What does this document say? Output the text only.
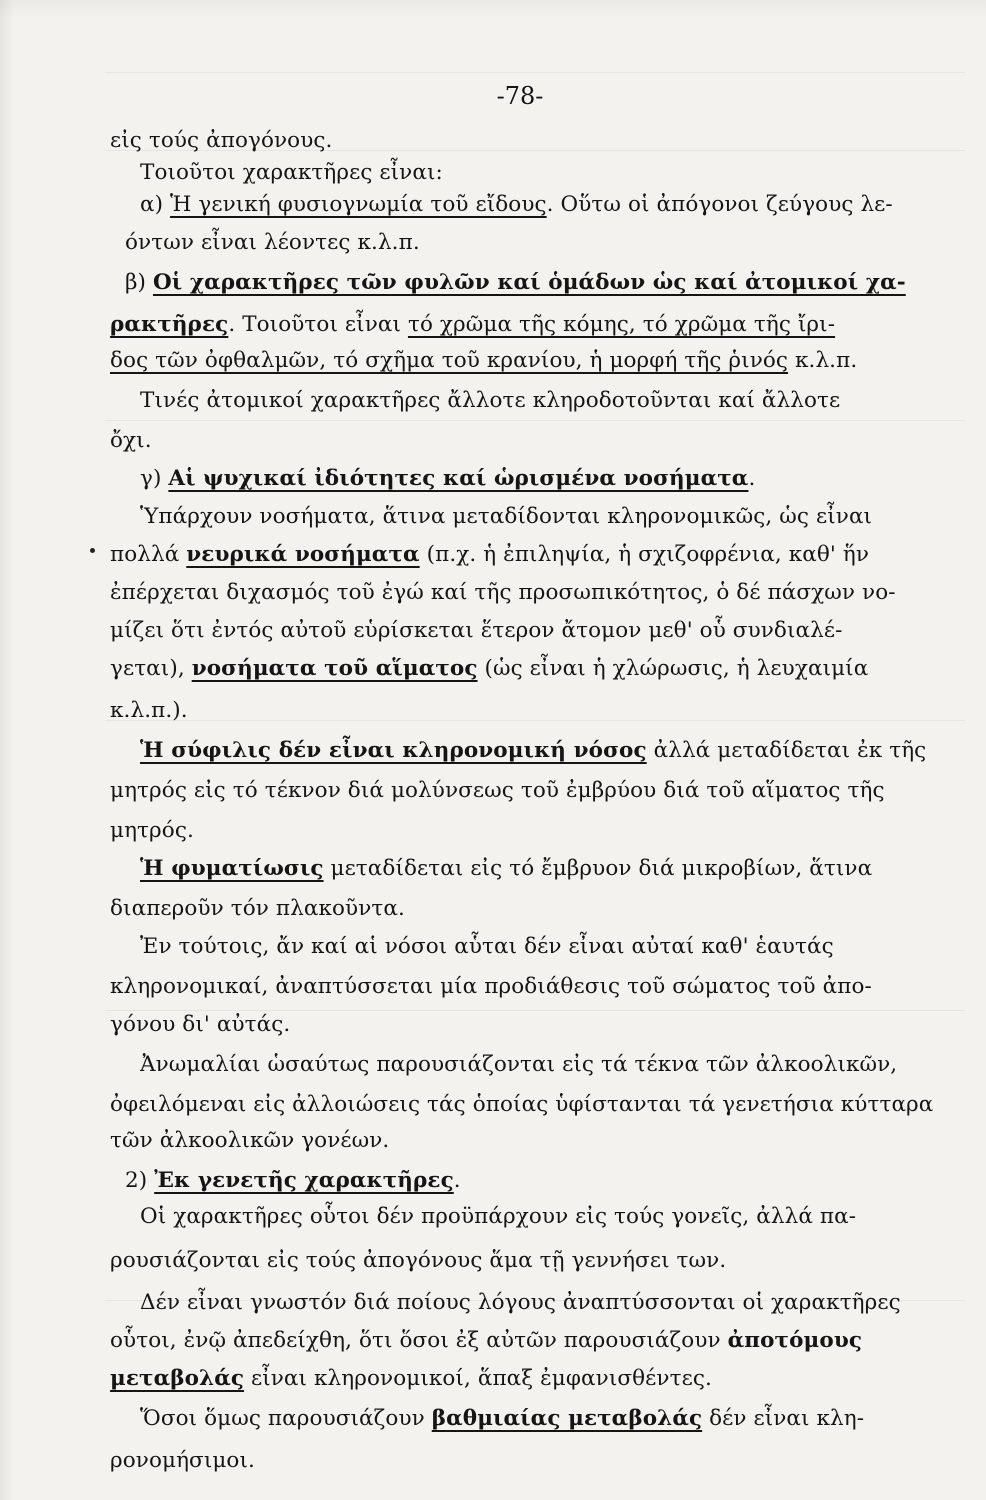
-78-
εἰς τούς ἀπογόνους.
Τοιοῦτοι χαρακτῆρες εἶναι:
α) Ἡ γενική φυσιογνωμία τοῦ εἴδους. Οὕτω οἱ ἀπόγονοι ζεύγους λε-
όντων εἶναι λέοντες κ.λ.π.
β) Οἱ χαρακτῆρες τῶν φυλῶν καί ὁμάδων ὡς καί ἀτομικοί χα-
ρακτῆρες. Τοιοῦτοι εἶναι τό χρῶμα τῆς κόμης, τό χρῶμα τῆς ἴρι-
δος τῶν ὀφθαλμῶν, τό σχῆμα τοῦ κρανίου, ἡ μορφή τῆς ῥινός κ.λ.π.
Τινές ἀτομικοί χαρακτῆρες ἄλλοτε κληροδοτοῦνται καί ἄλλοτε
ὄχι.
γ) Αἱ ψυχικαί ἰδιότητες καί ὡρισμένα νοσήματα.
Ὑπάρχουν νοσήματα, ἅτινα μεταδίδονται κληρονομικῶς, ὡς εἶναι
πολλά νευρικά νοσήματα (π.χ. ἡ ἐπιληψία, ἡ σχιζοφρένια, καθ' ἥν
ἐπέρχεται διχασμός τοῦ ἐγώ καί τῆς προσωπικότητος, ὁ δέ πάσχων νο-
μίζει ὅτι ἐντός αὐτοῦ εὑρίσκεται ἕτερον ἄτομον μεθ' οὗ συνδιαλέ-
γεται), νοσήματα τοῦ αἵματος (ὡς εἶναι ἡ χλώρωσις, ἡ λευχαιμία
κ.λ.π.).
Ἡ σύφιλις δέν εἶναι κληρονομική νόσος ἀλλά μεταδίδεται ἐκ τῆς
μητρός εἰς τό τέκνον διά μολύνσεως τοῦ ἐμβρύου διά τοῦ αἵματος τῆς
μητρός.
Ἡ φυματίωσις μεταδίδεται εἰς τό ἔμβρυον διά μικροβίων, ἅτινα
διαπεροῦν τόν πλακοῦντα.
Ἐν τούτοις, ἄν καί αἱ νόσοι αὗται δέν εἶναι αὐταί καθ' ἑαυτάς
κληρονομικαί, ἀναπτύσσεται μία προδιάθεσις τοῦ σώματος τοῦ ἀπο-
γόνου δι' αὐτάς.
Ἀνωμαλίαι ὡσαύτως παρουσιάζονται εἰς τά τέκνα τῶν ἀλκοολικῶν,
ὀφειλόμεναι εἰς ἀλλοιώσεις τάς ὁποίας ὑφίστανται τά γενετήσια κύτταρα
τῶν ἀλκοολικῶν γονέων.
2) Ἐκ γενετῆς χαρακτῆρες.
Οἱ χαρακτῆρες οὗτοι δέν προϋπάρχουν εἰς τούς γονεῖς, ἀλλά πα-
ρουσιάζονται εἰς τούς ἀπογόνους ἅμα τῇ γεννήσει των.
Δέν εἶναι γνωστόν διά ποίους λόγους ἀναπτύσσονται οἱ χαρακτῆρες
οὗτοι, ἐνῷ ἀπεδείχθη, ὅτι ὅσοι ἐξ αὐτῶν παρουσιάζουν ἀποτόμους
μεταβολάς εἶναι κληρονομικοί, ἅπαξ ἐμφανισθέντες.
Ὅσοι ὅμως παρουσιάζουν βαθμιαίας μεταβολάς δέν εἶναι κλη-
ρονομήσιμοι.
